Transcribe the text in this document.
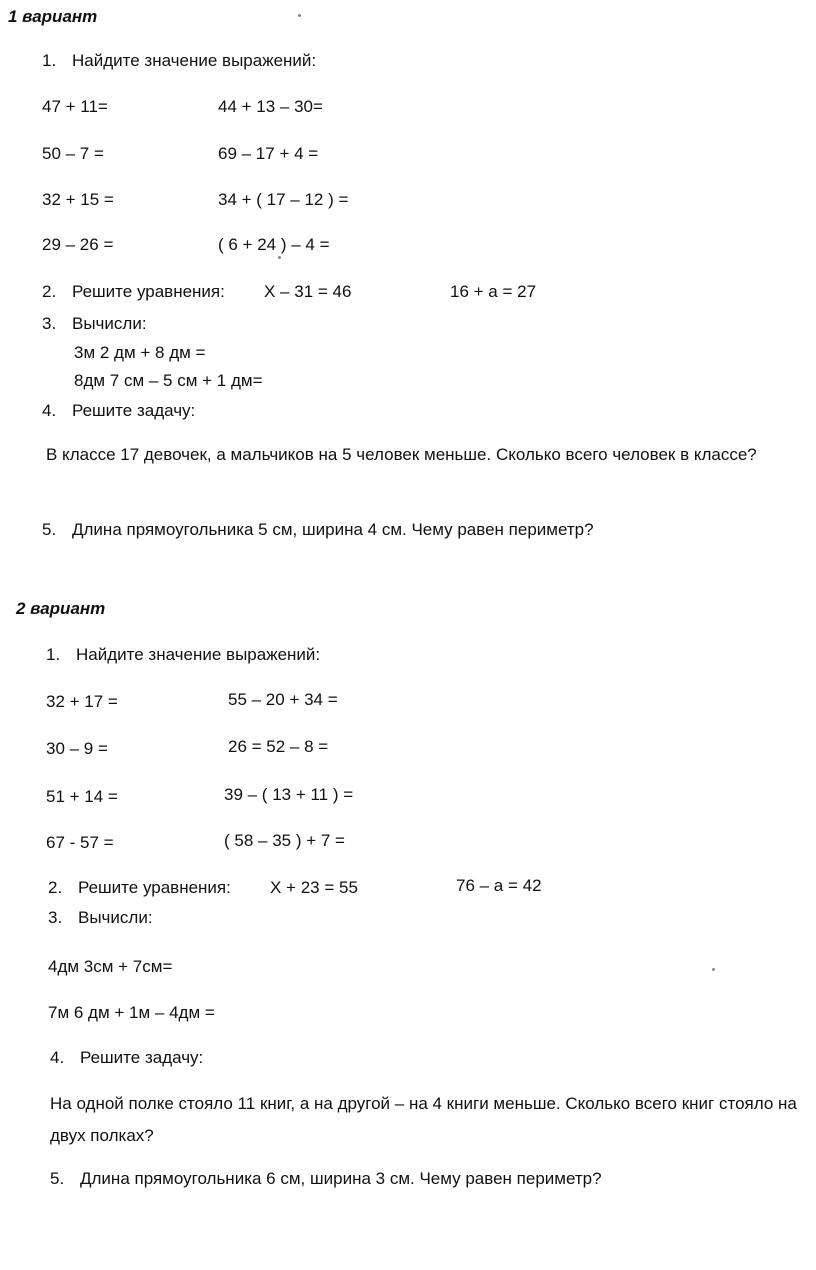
1 вариант
1. Найдите значение выражений:
47 + 11=	44 + 13 – 30=
50 – 7 =	69 – 17 + 4 =
32 + 15 =	34 + ( 17 – 12 ) =
29 – 26 =	( 6 + 24 ) – 4 =
2. Решите уравнения: Х – 31 = 46	16 + а = 27
3. Вычисли:
3м 2 дм + 8 дм =
8дм 7 см – 5 см + 1 дм=
4. Решите задачу:
В классе 17 девочек, а мальчиков на 5 человек меньше. Сколько всего человек в классе?
5. Длина прямоугольника 5 см, ширина 4 см. Чему равен периметр?
2 вариант
1. Найдите значение выражений:
32 + 17 =	55 – 20 + 34 =
30 – 9 =	26 = 52 – 8 =
51 + 14 =	39 – ( 13 + 11 ) =
67 - 57 =	( 58 – 35 ) + 7 =
2. Решите уравнения: Х + 23 = 55	76 – а = 42
3. Вычисли:
4дм 3см + 7см=
7м 6 дм + 1м – 4дм =
4. Решите задачу:
На одной полке стояло 11 книг, а на другой – на 4 книги меньше. Сколько всего книг стояло на двух полках?
5. Длина прямоугольника 6 см, ширина 3 см. Чему равен периметр?
